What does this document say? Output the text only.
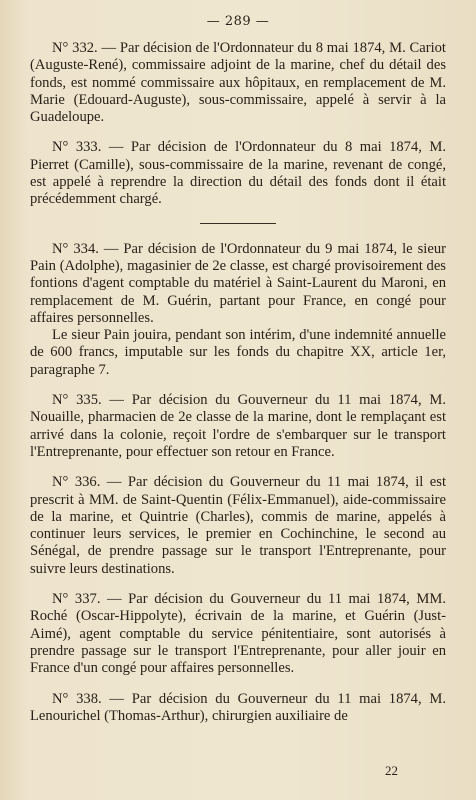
— 289 —

N° 332. — Par décision de l'Ordonnateur du 8 mai 1874, M. Cariot (Auguste-René), commissaire adjoint de la marine, chef du détail des fonds, est nommé commissaire aux hôpitaux, en remplacement de M. Marie (Edouard-Auguste), sous-commissaire, appelé à servir à la Guadeloupe.

N° 333. — Par décision de l'Ordonnateur du 8 mai 1874, M. Pierret (Camille), sous-commissaire de la marine, revenant de congé, est appelé à reprendre la direction du détail des fonds dont il était précédemment chargé.

N° 334. — Par décision de l'Ordonnateur du 9 mai 1874, le sieur Pain (Adolphe), magasinier de 2e classe, est chargé provisoirement des fontions d'agent comptable du matériel à Saint-Laurent du Maroni, en remplacement de M. Guérin, partant pour France, en congé pour affaires personnelles.

Le sieur Pain jouira, pendant son intérim, d'une indemnité annuelle de 600 francs, imputable sur les fonds du chapitre XX, article 1er, paragraphe 7.

N° 335. — Par décision du Gouverneur du 11 mai 1874, M. Nouaille, pharmacien de 2e classe de la marine, dont le remplaçant est arrivé dans la colonie, reçoit l'ordre de s'embarquer sur le transport l'Entreprenante, pour effectuer son retour en France.

N° 336. — Par décision du Gouverneur du 11 mai 1874, il est prescrit à MM. de Saint-Quentin (Félix-Emmanuel), aide-commissaire de la marine, et Quintrie (Charles), commis de marine, appelés à continuer leurs services, le premier en Cochinchine, le second au Sénégal, de prendre passage sur le transport l'Entreprenante, pour suivre leurs destinations.

N° 337. — Par décision du Gouverneur du 11 mai 1874, MM. Roché (Oscar-Hippolyte), écrivain de la marine, et Guérin (Just-Aimé), agent comptable du service pénitentiaire, sont autorisés à prendre passage sur le transport l'Entreprenante, pour aller jouir en France d'un congé pour affaires personnelles.

N° 338. — Par décision du Gouverneur du 11 mai 1874, M. Lenourichel (Thomas-Arthur), chirurgien auxiliaire de

22
